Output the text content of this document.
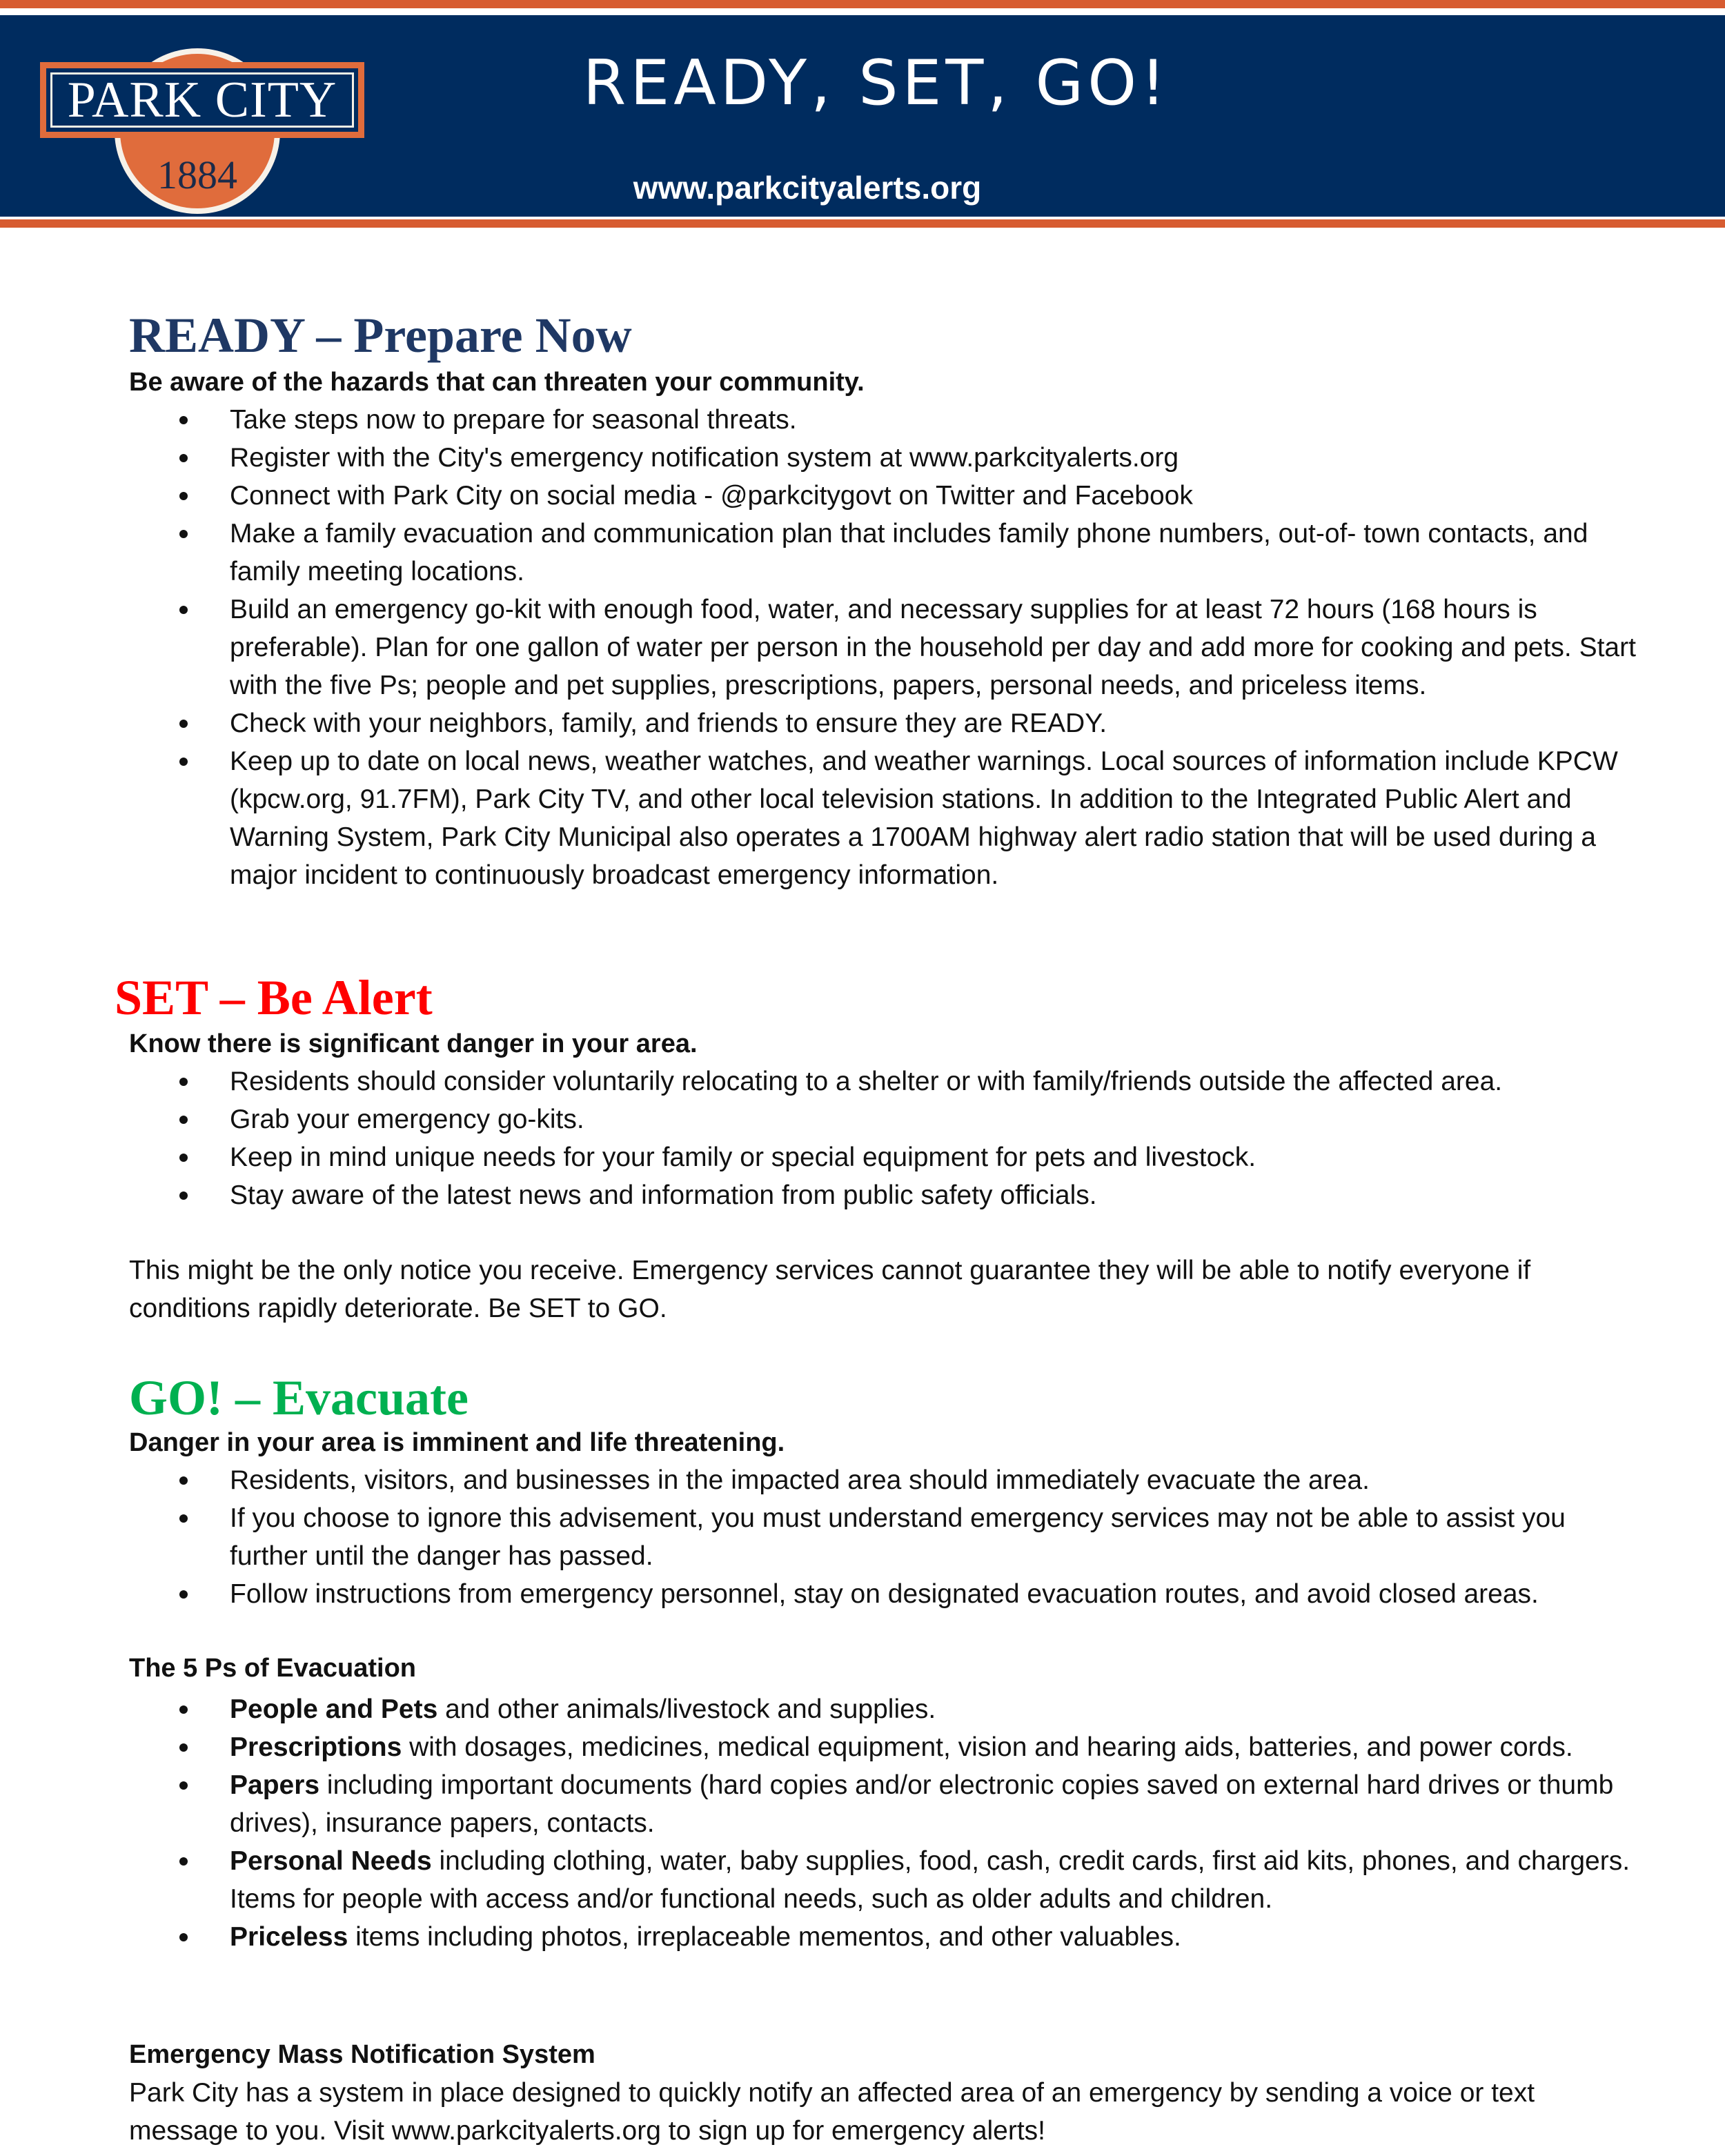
PARK CITY
1884
READY, SET, GO!
www.parkcityalerts.org
READY – Prepare Now

Be aware of the hazards that can threaten your community.

Take steps now to prepare for seasonal threats.
Register with the City's emergency notification system at www.parkcityalerts.org
Connect with Park City on social media - @parkcitygovt on Twitter and Facebook
Make a family evacuation and communication plan that includes family phone numbers, out-of- town contacts, and family meeting locations.
Build an emergency go-kit with enough food, water, and necessary supplies for at least 72 hours (168 hours is preferable). Plan for one gallon of water per person in the household per day and add more for cooking and pets. Start with the five Ps; people and pet supplies, prescriptions, papers, personal needs, and priceless items.
Check with your neighbors, family, and friends to ensure they are READY.
Keep up to date on local news, weather watches, and weather warnings. Local sources of information include KPCW (kpcw.org, 91.7FM), Park City TV, and other local television stations. In addition to the Integrated Public Alert and Warning System, Park City Municipal also operates a 1700AM highway alert radio station that will be used during a major incident to continuously broadcast emergency information.
SET – Be Alert

Know there is significant danger in your area.

Residents should consider voluntarily relocating to a shelter or with family/friends outside the affected area.
Grab your emergency go-kits.
Keep in mind unique needs for your family or special equipment for pets and livestock.
Stay aware of the latest news and information from public safety officials.

This might be the only notice you receive. Emergency services cannot guarantee they will be able to notify everyone if conditions rapidly deteriorate. Be SET to GO.

GO! – Evacuate

Danger in your area is imminent and life threatening.

Residents, visitors, and businesses in the impacted area should immediately evacuate the area.
If you choose to ignore this advisement, you must understand emergency services may not be able to assist you further until the danger has passed.
Follow instructions from emergency personnel, stay on designated evacuation routes, and avoid closed areas.

The 5 Ps of Evacuation

People and Pets and other animals/livestock and supplies.
Prescriptions with dosages, medicines, medical equipment, vision and hearing aids, batteries, and power cords.
Papers including important documents (hard copies and/or electronic copies saved on external hard drives or thumb drives), insurance papers, contacts.
Personal Needs including clothing, water, baby supplies, food, cash, credit cards, first aid kits, phones, and chargers. Items for people with access and/or functional needs, such as older adults and children.
Priceless items including photos, irreplaceable mementos, and other valuables.

Emergency Mass Notification System

Park City has a system in place designed to quickly notify an affected area of an emergency by sending a voice or text message to you. Visit www.parkcityalerts.org to sign up for emergency alerts!
